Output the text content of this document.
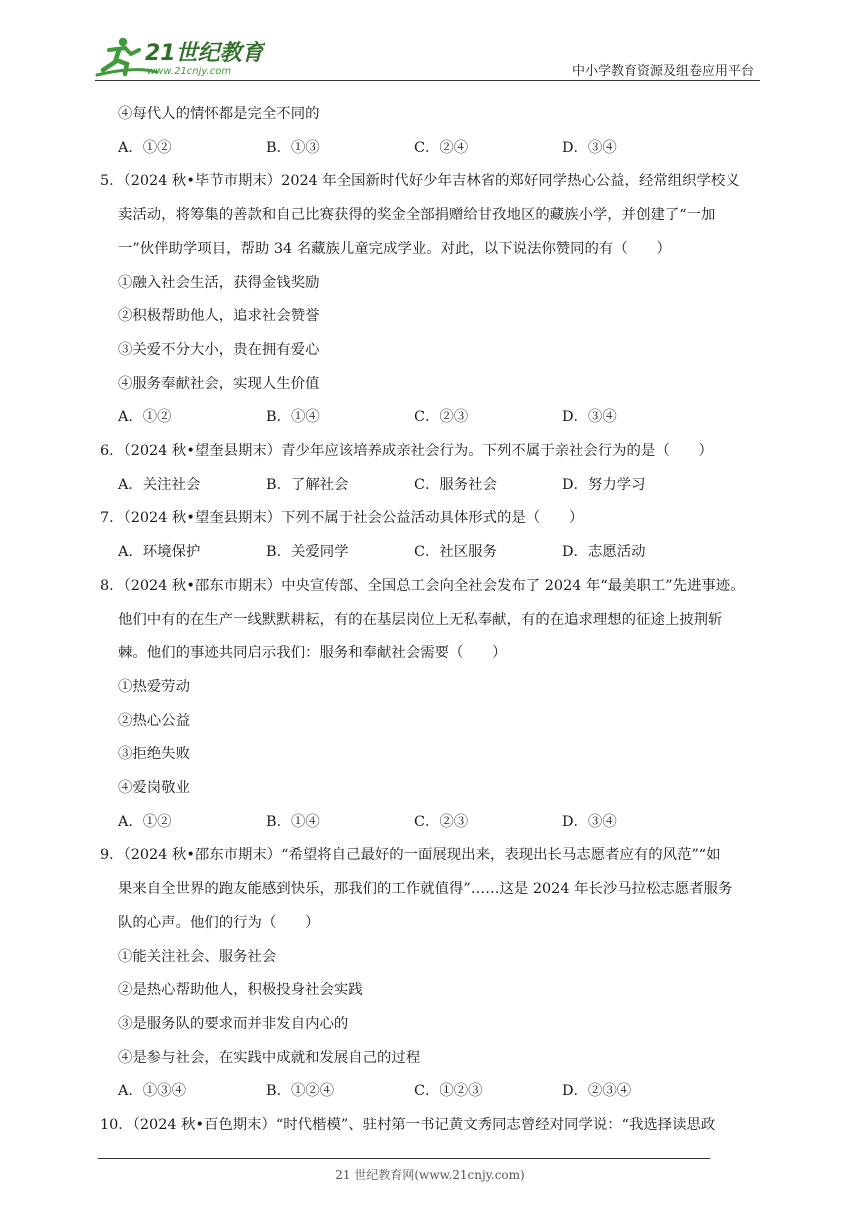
21世纪教育
www.21cnjy.com	中小学教育资源及组卷应用平台
④每代人的情怀都是完全不同的
A．①②	B．①③	C．②④	D．③④
5．（2024 秋•毕节市期末）2024 年全国新时代好少年吉林省的郑好同学热心公益，经常组织学校义
卖活动，将筹集的善款和自己比赛获得的奖金全部捐赠给甘孜地区的藏族小学，并创建了“一加
一”伙伴助学项目，帮助 34 名藏族儿童完成学业。对此，以下说法你赞同的有（　　）
①融入社会生活，获得金钱奖励
②积极帮助他人，追求社会赞誉
③关爱不分大小，贵在拥有爱心
④服务奉献社会，实现人生价值
A．①②	B．①④	C．②③	D．③④
6．（2024 秋•望奎县期末）青少年应该培养成亲社会行为。下列不属于亲社会行为的是（　　）
A．关注社会	B．了解社会	C．服务社会	D．努力学习
7．（2024 秋•望奎县期末）下列不属于社会公益活动具体形式的是（　　）
A．环境保护	B．关爱同学	C．社区服务	D．志愿活动
8．（2024 秋•邵东市期末）中央宣传部、全国总工会向全社会发布了 2024 年“最美职工”先进事迹。
他们中有的在生产一线默默耕耘，有的在基层岗位上无私奉献，有的在追求理想的征途上披荆斩
棘。他们的事迹共同启示我们：服务和奉献社会需要（　　）
①热爱劳动
②热心公益
③拒绝失败
④爱岗敬业
A．①②	B．①④	C．②③	D．③④
9．（2024 秋•邵东市期末）“希望将自己最好的一面展现出来，表现出长马志愿者应有的风范”“如
果来自全世界的跑友能感到快乐，那我们的工作就值得”……这是 2024 年长沙马拉松志愿者服务
队的心声。他们的行为（　　）
①能关注社会、服务社会
②是热心帮助他人，积极投身社会实践
③是服务队的要求而并非发自内心的
④是参与社会，在实践中成就和发展自己的过程
A．①③④	B．①②④	C．①②③	D．②③④
10．（2024 秋•百色期末）“时代楷模”、驻村第一书记黄文秀同志曾经对同学说：“我选择读思政
21 世纪教育网(www.21cnjy.com)
